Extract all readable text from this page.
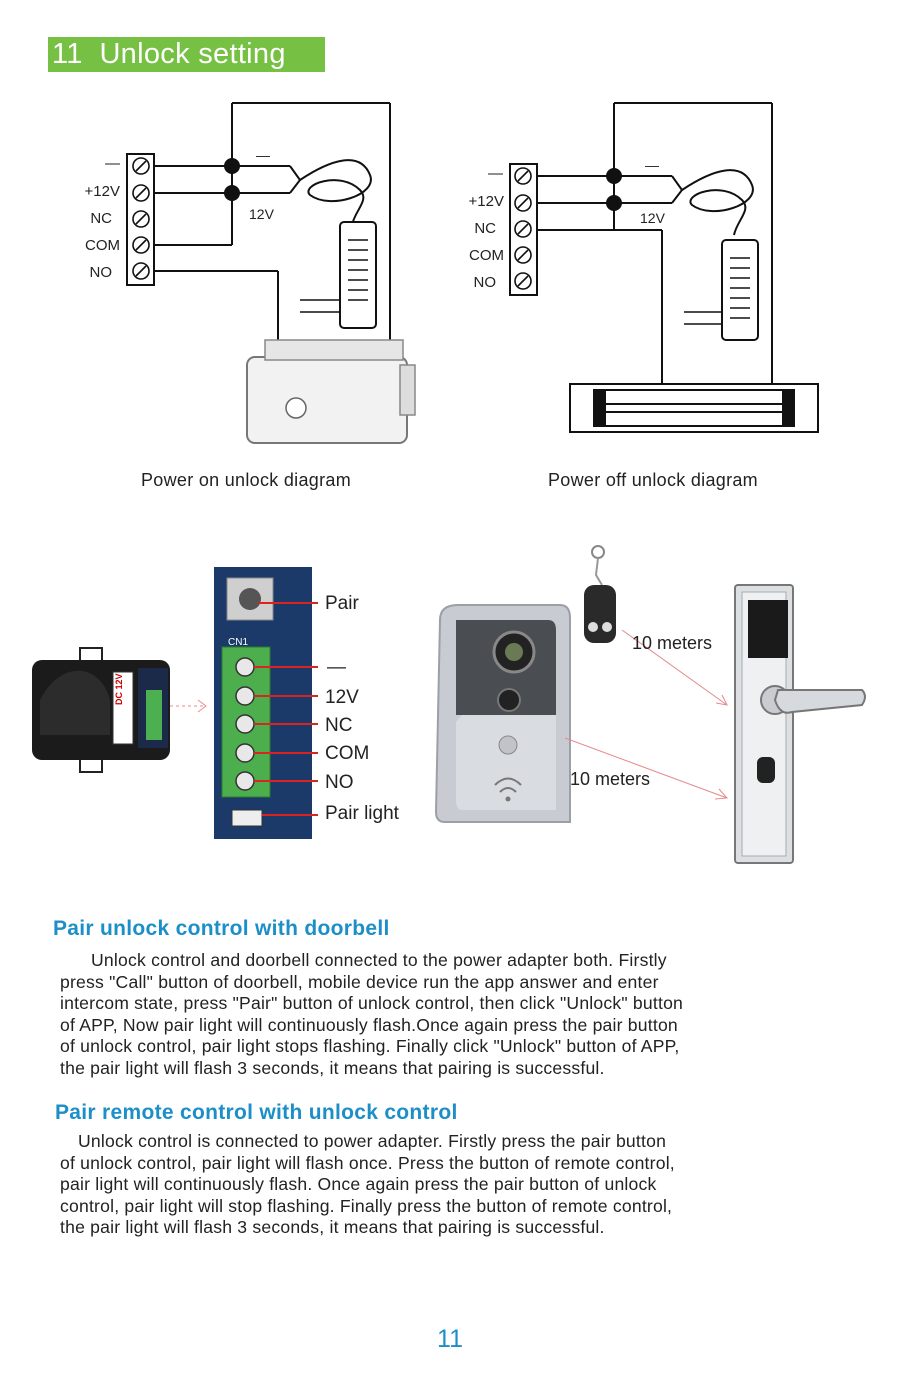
11 Unlock setting
—
+12V
NC
COM
NO
—
12V
Power on unlock diagram
—
+12V
NC
COM
NO
—
12V
Power off unlock diagram
DC 12V
CN1
Pair
—
12V
NC
COM
NO
Pair light
10 meters
10 meters
Pair unlock control with doorbell

Unlock control and doorbell connected to the power adapter both. Firstly

press "Call" button of doorbell, mobile device run the app answer and enter

intercom state, press "Pair" button of unlock control, then click "Unlock" button

of APP, Now pair light will continuously flash.Once again press the pair button

of unlock control, pair light stops flashing. Finally click "Unlock" button of APP,

the pair light will flash 3 seconds, it means that pairing is successful.

Pair remote control with unlock control

Unlock control is connected to power adapter. Firstly press the pair button

of unlock control, pair light will flash once. Press the button of remote control,

pair light will continuously flash. Once again press the pair button of unlock

control, pair light will stop flashing. Finally press the button of remote control,

the pair light will flash 3 seconds, it means that pairing is successful.

11
